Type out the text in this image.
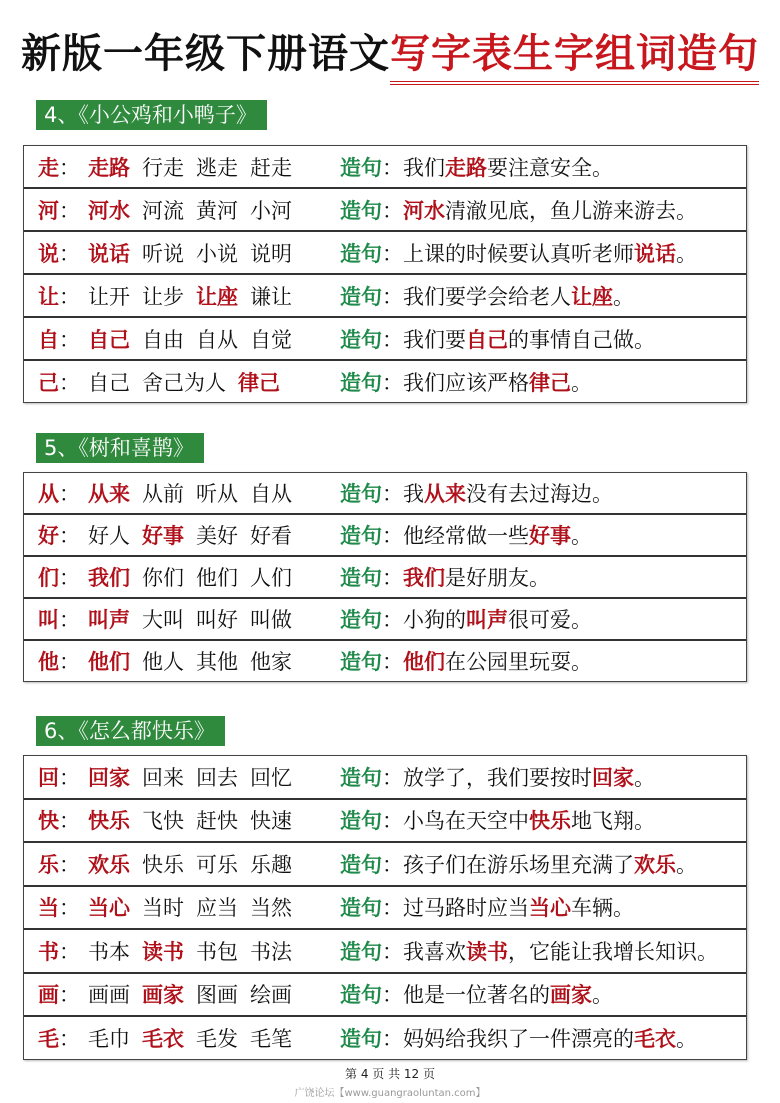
新版一年级下册语文写字表生字组词造句
4、《小公鸡和小鸭子》
走： 走路 行走 逃走 赶走	造句：我们走路要注意安全。
河： 河水 河流 黄河 小河	造句：河水清澈见底，鱼儿游来游去。
说： 说话 听说 小说 说明	造句：上课的时候要认真听老师说话。
让： 让开 让步 让座 谦让	造句：我们要学会给老人让座。
自： 自己 自由 自从 自觉	造句：我们要自己的事情自己做。
己： 自己 舍己为人 律己	造句：我们应该严格律己。
5、《树和喜鹊》
从： 从来 从前 听从 自从	造句：我从来没有去过海边。
好： 好人 好事 美好 好看	造句：他经常做一些好事。
们： 我们 你们 他们 人们	造句：我们是好朋友。
叫： 叫声 大叫 叫好 叫做	造句：小狗的叫声很可爱。
他： 他们 他人 其他 他家	造句：他们在公园里玩耍。
6、《怎么都快乐》
回： 回家 回来 回去 回忆	造句：放学了，我们要按时回家。
快： 快乐 飞快 赶快 快速	造句：小鸟在天空中快乐地飞翔。
乐： 欢乐 快乐 可乐 乐趣	造句：孩子们在游乐场里充满了欢乐。
当： 当心 当时 应当 当然	造句：过马路时应当当心车辆。
书： 书本 读书 书包 书法	造句：我喜欢读书，它能让我增长知识。
画： 画画 画家 图画 绘画	造句：他是一位著名的画家。
毛： 毛巾 毛衣 毛发 毛笔	造句：妈妈给我织了一件漂亮的毛衣。
第 4 页 共 12 页
广饶论坛【www.guangraoluntan.com】
